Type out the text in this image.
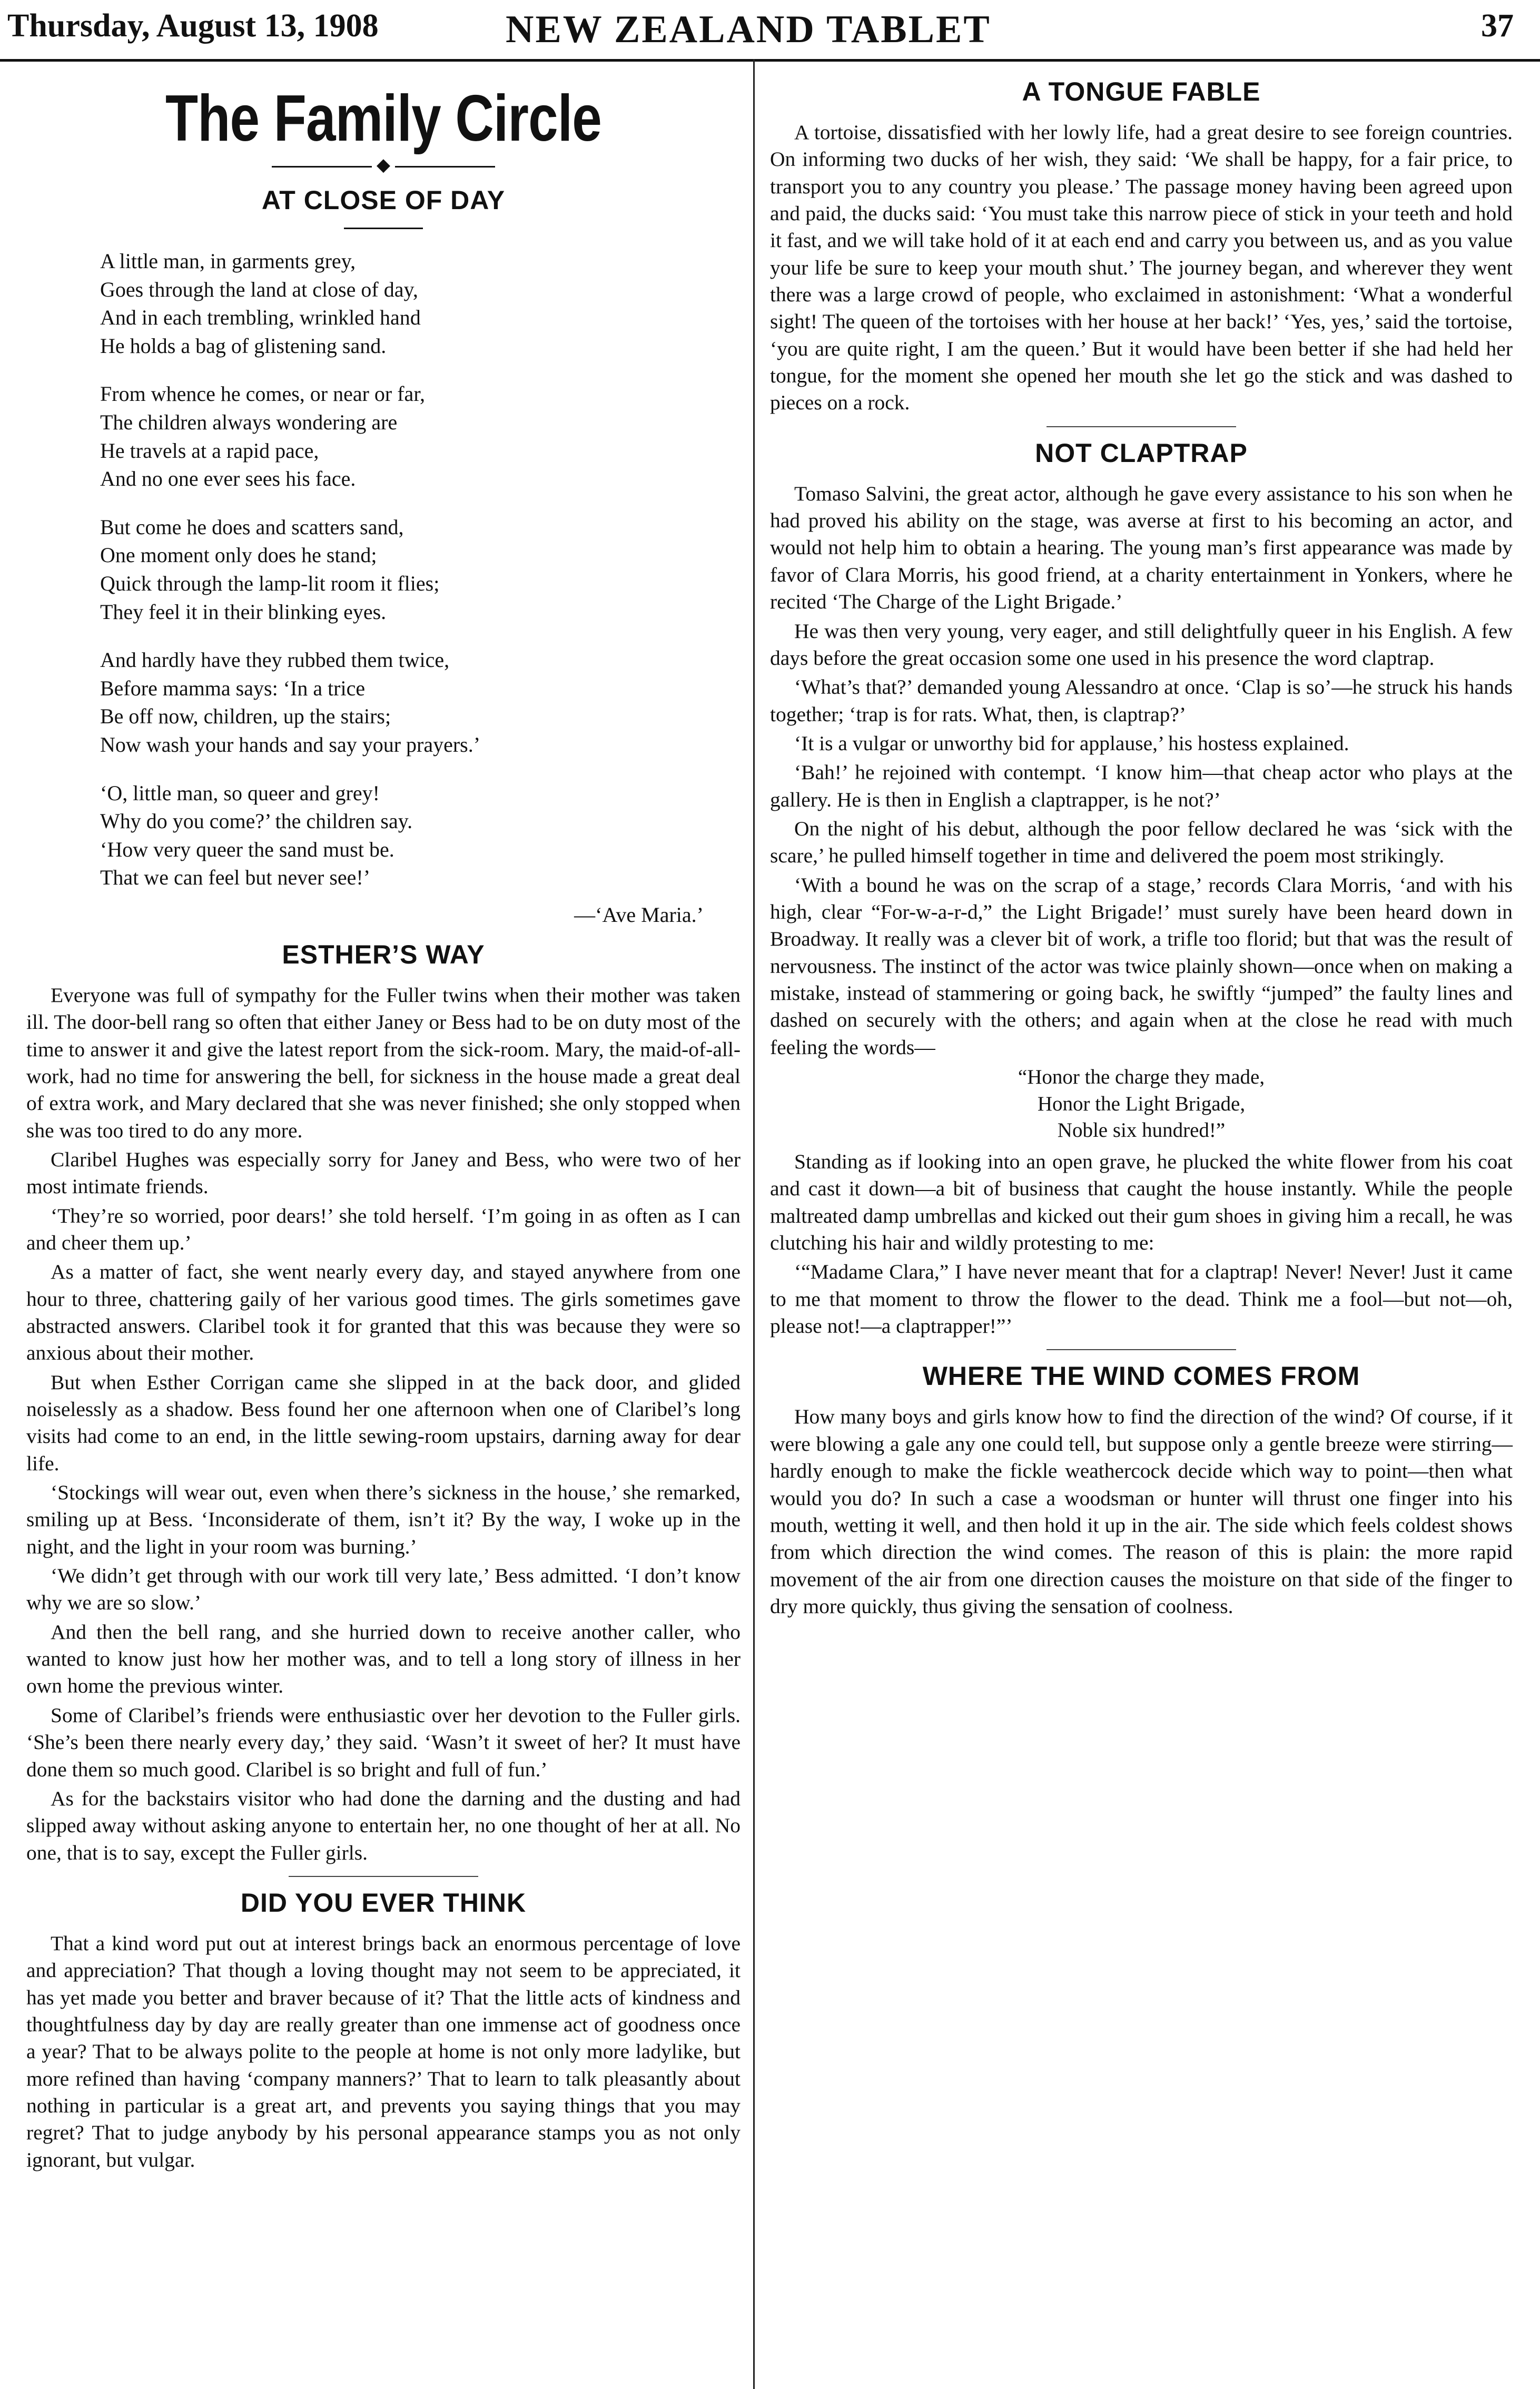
Thursday, August 13, 1908	NEW ZEALAND TABLET	37
The Family Circle
◆
AT CLOSE OF DAY
A little man, in garments grey,
Goes through the land at close of day,
And in each trembling, wrinkled hand
He holds a bag of glistening sand.
From whence he comes, or near or far,
The children always wondering are
He travels at a rapid pace,
And no one ever sees his face.
But come he does and scatters sand,
One moment only does he stand;
Quick through the lamp-lit room it flies;
They feel it in their blinking eyes.
And hardly have they rubbed them twice,
Before mamma says: ‘In a trice
Be off now, children, up the stairs;
Now wash your hands and say your prayers.’
‘O, little man, so queer and grey!
Why do you come?’ the children say.
‘How very queer the sand must be.
That we can feel but never see!’
—‘Ave Maria.’
ESTHER’S WAY

Everyone was full of sympathy for the Fuller twins when their mother was taken ill. The door-bell rang so often that either Janey or Bess had to be on duty most of the time to answer it and give the latest report from the sick-room. Mary, the maid-of-all-work, had no time for answering the bell, for sickness in the house made a great deal of extra work, and Mary declared that she was never finished; she only stopped when she was too tired to do any more.

Claribel Hughes was especially sorry for Janey and Bess, who were two of her most intimate friends.

‘They’re so worried, poor dears!’ she told herself. ‘I’m going in as often as I can and cheer them up.’

As a matter of fact, she went nearly every day, and stayed anywhere from one hour to three, chattering gaily of her various good times. The girls sometimes gave abstracted answers. Claribel took it for granted that this was because they were so anxious about their mother.

But when Esther Corrigan came she slipped in at the back door, and glided noiselessly as a shadow. Bess found her one afternoon when one of Claribel’s long visits had come to an end, in the little sewing-room upstairs, darning away for dear life.

‘Stockings will wear out, even when there’s sickness in the house,’ she remarked, smiling up at Bess. ‘Inconsiderate of them, isn’t it? By the way, I woke up in the night, and the light in your room was burning.’

‘We didn’t get through with our work till very late,’ Bess admitted. ‘I don’t know why we are so slow.’

And then the bell rang, and she hurried down to receive another caller, who wanted to know just how her mother was, and to tell a long story of illness in her own home the previous winter.

Some of Claribel’s friends were enthusiastic over her devotion to the Fuller girls. ‘She’s been there nearly every day,’ they said. ‘Wasn’t it sweet of her? It must have done them so much good. Claribel is so bright and full of fun.’

As for the backstairs visitor who had done the darning and the dusting and had slipped away without asking anyone to entertain her, no one thought of her at all. No one, that is to say, except the Fuller girls.

DID YOU EVER THINK

That a kind word put out at interest brings back an enormous percentage of love and appreciation? That though a loving thought may not seem to be appreciated, it has yet made you better and braver because of it? That the little acts of kindness and thoughtfulness day by day are really greater than one immense act of goodness once a year? That to be always polite to the people at home is not only more ladylike, but more refined than having ‘company manners?’ That to learn to talk pleasantly about nothing in particular is a great art, and prevents you saying things that you may regret? That to judge anybody by his personal appearance stamps you as not only ignorant, but vulgar.

A TONGUE FABLE

A tortoise, dissatisfied with her lowly life, had a great desire to see foreign countries. On informing two ducks of her wish, they said: ‘We shall be happy, for a fair price, to transport you to any country you please.’ The passage money having been agreed upon and paid, the ducks said: ‘You must take this narrow piece of stick in your teeth and hold it fast, and we will take hold of it at each end and carry you between us, and as you value your life be sure to keep your mouth shut.’ The journey began, and wherever they went there was a large crowd of people, who exclaimed in astonishment: ‘What a wonderful sight! The queen of the tortoises with her house at her back!’ ‘Yes, yes,’ said the tortoise, ‘you are quite right, I am the queen.’ But it would have been better if she had held her tongue, for the moment she opened her mouth she let go the stick and was dashed to pieces on a rock.

NOT CLAPTRAP

Tomaso Salvini, the great actor, although he gave every assistance to his son when he had proved his ability on the stage, was averse at first to his becoming an actor, and would not help him to obtain a hearing. The young man’s first appearance was made by favor of Clara Morris, his good friend, at a charity entertainment in Yonkers, where he recited ‘The Charge of the Light Brigade.’

He was then very young, very eager, and still delightfully queer in his English. A few days before the great occasion some one used in his presence the word claptrap.

‘What’s that?’ demanded young Alessandro at once. ‘Clap is so’—he struck his hands together; ‘trap is for rats. What, then, is claptrap?’

‘It is a vulgar or unworthy bid for applause,’ his hostess explained.

‘Bah!’ he rejoined with contempt. ‘I know him—that cheap actor who plays at the gallery. He is then in English a claptrapper, is he not?’

On the night of his debut, although the poor fellow declared he was ‘sick with the scare,’ he pulled himself together in time and delivered the poem most strikingly.

‘With a bound he was on the scrap of a stage,’ records Clara Morris, ‘and with his high, clear “For-w-a-r-d,” the Light Brigade!’ must surely have been heard down in Broadway. It really was a clever bit of work, a trifle too florid; but that was the result of nervousness. The instinct of the actor was twice plainly shown—once when on making a mistake, instead of stammering or going back, he swiftly “jumped” the faulty lines and dashed on securely with the others; and again when at the close he read with much feeling the words—

“Honor the charge they made,
Honor the Light Brigade,
Noble six hundred!”

Standing as if looking into an open grave, he plucked the white flower from his coat and cast it down—a bit of business that caught the house instantly. While the people maltreated damp umbrellas and kicked out their gum shoes in giving him a recall, he was clutching his hair and wildly protesting to me:

‘“Madame Clara,” I have never meant that for a claptrap! Never! Never! Just it came to me that moment to throw the flower to the dead. Think me a fool—but not—oh, please not!—a claptrapper!”’

WHERE THE WIND COMES FROM

How many boys and girls know how to find the direction of the wind? Of course, if it were blowing a gale any one could tell, but suppose only a gentle breeze were stirring—hardly enough to make the fickle weathercock decide which way to point—then what would you do? In such a case a woodsman or hunter will thrust one finger into his mouth, wetting it well, and then hold it up in the air. The side which feels coldest shows from which direction the wind comes. The reason of this is plain: the more rapid movement of the air from one direction causes the moisture on that side of the finger to dry more quickly, thus giving the sensation of coolness.
